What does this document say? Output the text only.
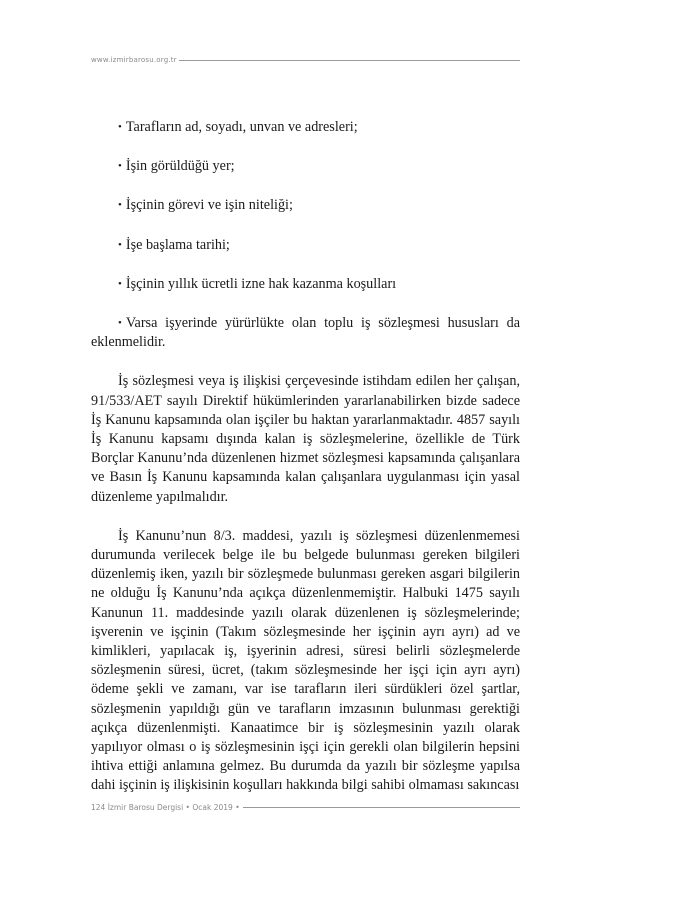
www.izmirbarosu.org.tr

• Tarafların ad, soyadı, unvan ve adresleri;

• İşin görüldüğü yer;

• İşçinin görevi ve işin niteliği;

• İşe başlama tarihi;

• İşçinin yıllık ücretli izne hak kazanma koşulları

• Varsa işyerinde yürürlükte olan toplu iş sözleşmesi hususları da eklenmelidir.

İş sözleşmesi veya iş ilişkisi çerçevesinde istihdam edilen her çalışan, 91/533/AET sayılı Direktif hükümlerinden yararlanabilirken bizde sadece İş Kanunu kapsamında olan işçiler bu haktan yararlanmaktadır. 4857 sayılı İş Kanunu kapsamı dışında kalan iş sözleşmelerine, özellikle de Türk Borçlar Kanunu’nda düzenlenen hizmet sözleşmesi kapsamında çalışanlara ve Basın İş Kanunu kapsamında kalan çalışanlara uygulanması için yasal düzenleme yapılmalıdır.

İş Kanunu’nun 8/3. maddesi, yazılı iş sözleşmesi düzenlenmemesi durumunda verilecek belge ile bu belgede bulunması gereken bilgileri düzenlemiş iken, yazılı bir sözleşmede bulunması gereken asgari bilgilerin ne olduğu İş Kanunu’nda açıkça düzenlenmemiştir. Halbuki 1475 sayılı Kanunun 11. maddesinde yazılı olarak düzenlenen iş sözleşmelerinde; işverenin ve işçinin (Takım sözleşmesinde her işçinin ayrı ayrı) ad ve kimlikleri, yapılacak iş, işyerinin adresi, süresi belirli sözleşmelerde sözleşmenin süresi, ücret, (takım sözleşmesinde her işçi için ayrı ayrı) ödeme şekli ve zamanı, var ise tarafların ileri sürdükleri özel şartlar, sözleşmenin yapıldığı gün ve tarafların imzasının bulunması gerektiği açıkça düzenlenmişti. Kanaatimce bir iş sözleşmesinin yazılı olarak yapılıyor olması o iş sözleşmesinin işçi için gerekli olan bilgilerin hepsini ihtiva ettiği anlamına gelmez. Bu durumda da yazılı bir sözleşme yapılsa dahi işçinin iş ilişkisinin koşulları hakkında bilgi sahibi olmaması sakıncası

124 İzmir Barosu Dergisi • Ocak 2019 •
